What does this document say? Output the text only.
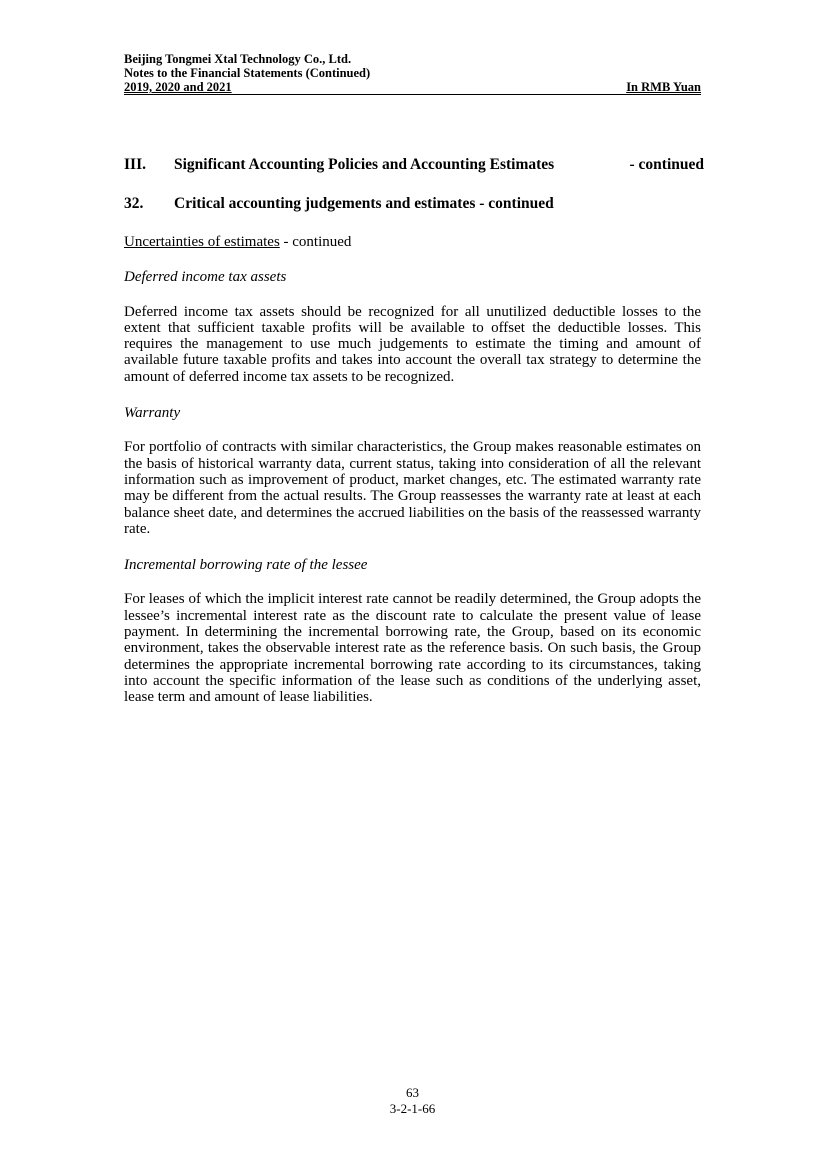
Beijing Tongmei Xtal Technology Co., Ltd.
Notes to the Financial Statements (Continued)
2019, 2020 and 2021	In RMB Yuan
III.	Significant Accounting Policies and Accounting Estimates	- continued
32.	Critical accounting judgements and estimates - continued

Uncertainties of estimates - continued

Deferred income tax assets

Deferred income tax assets should be recognized for all unutilized deductible losses to the extent that sufficient taxable profits will be available to offset the deductible losses. This requires the management to use much judgements to estimate the timing and amount of available future taxable profits and takes into account the overall tax strategy to determine the amount of deferred income tax assets to be recognized.

Warranty

For portfolio of contracts with similar characteristics, the Group makes reasonable estimates on the basis of historical warranty data, current status, taking into consideration of all the relevant information such as improvement of product, market changes, etc. The estimated warranty rate may be different from the actual results. The Group reassesses the warranty rate at least at each balance sheet date, and determines the accrued liabilities on the basis of the reassessed warranty rate.

Incremental borrowing rate of the lessee

For leases of which the implicit interest rate cannot be readily determined, the Group adopts the lessee’s incremental interest rate as the discount rate to calculate the present value of lease payment. In determining the incremental borrowing rate, the Group, based on its economic environment, takes the observable interest rate as the reference basis. On such basis, the Group determines the appropriate incremental borrowing rate according to its circumstances, taking into account the specific information of the lease such as conditions of the underlying asset, lease term and amount of lease liabilities.

63
3-2-1-66
